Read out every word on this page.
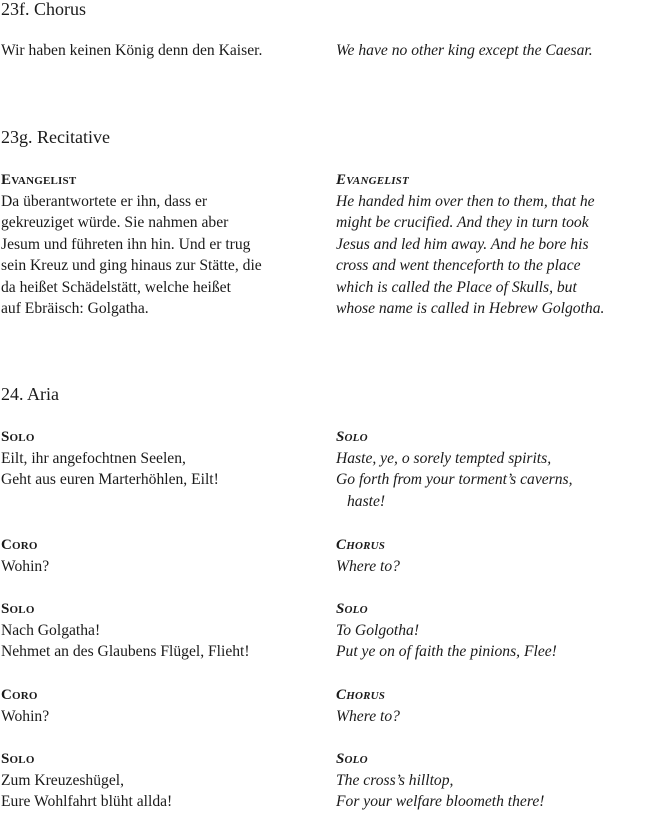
23f. Chorus
Wir haben keinen König denn den Kaiser.	We have no other king except the Caesar.
23g. Recitative
Evangelist
Da überantwortete er ihn, dass er
gekreuziget würde. Sie nahmen aber
Jesum und führeten ihn hin. Und er trug
sein Kreuz und ging hinaus zur Stätte, die
da heißet Schädelstätt, welche heißet
auf Ebräisch: Golgatha.
Evangelist
He handed him over then to them, that he
might be crucified. And they in turn took
Jesus and led him away. And he bore his
cross and went thenceforth to the place
which is called the Place of Skulls, but
whose name is called in Hebrew Golgotha.
24. Aria
Solo
Eilt, ihr angefochtnen Seelen,
Geht aus euren Marterhöhlen, Eilt!
Solo
Haste, ye, o sorely tempted spirits,
Go forth from your torment’s caverns,
haste!
Coro
Wohin?
Chorus
Where to?
Solo
Nach Golgatha!
Nehmet an des Glaubens Flügel, Flieht!
Solo
To Golgotha!
Put ye on of faith the pinions, Flee!
Coro
Wohin?
Chorus
Where to?
Solo
Zum Kreuzeshügel,
Eure Wohlfahrt blüht allda!
Solo
The cross’s hilltop,
For your welfare bloometh there!
